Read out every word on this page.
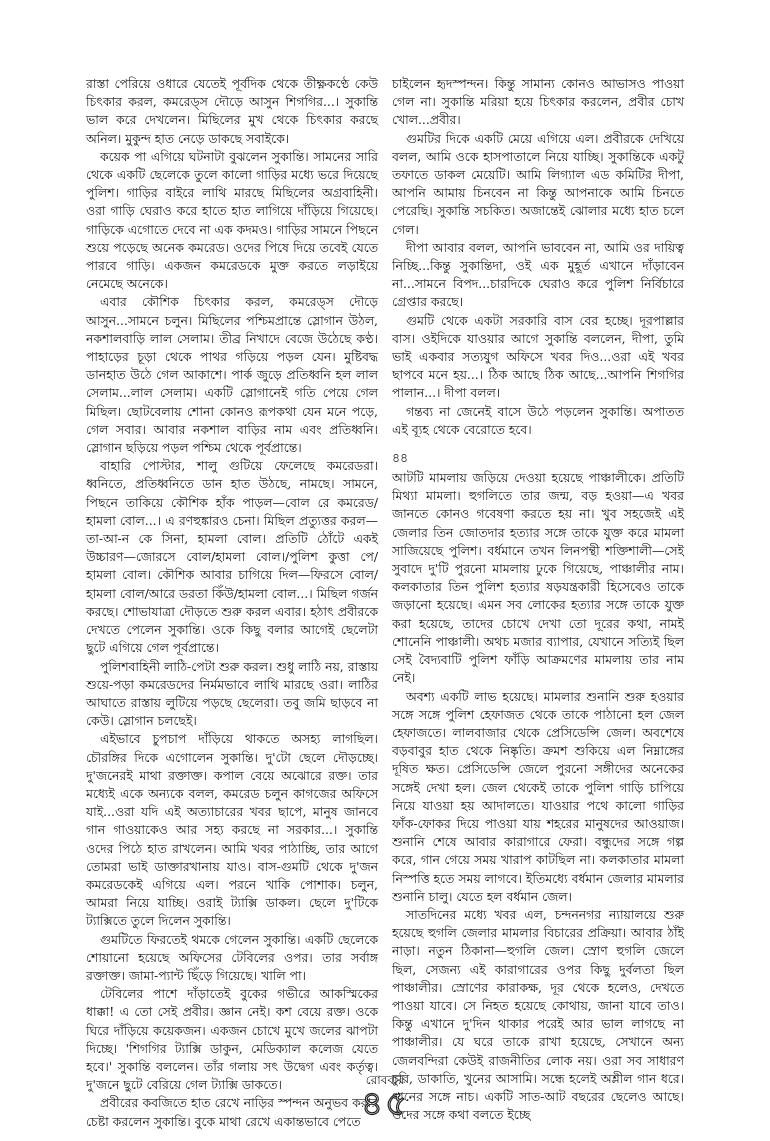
রাস্তা পেরিয়ে ওধারে যেতেই পূর্বদিক থেকে তীক্ষ্ণকণ্ঠে কেউ চিৎকার করল, কমরেড্স দৌড়ে আসুন শিগগির...। সুকান্তি ভাল করে দেখলেন। মিছিলের মুখ থেকে চিৎকার করছে অনিল। মুকুন্দ হাত নেড়ে ডাকছে সবাইকে।

কয়েক পা এগিয়ে ঘটনাটা বুঝলেন সুকান্তি। সামনের সারি থেকে একটি ছেলেকে তুলে কালো গাড়ির মধ্যে ভরে দিয়েছে পুলিশ। গাড়ির বাইরে লাথি মারছে মিছিলের অগ্রবাহিনী। ওরা গাড়ি ঘেরাও করে হাতে হাত লাগিয়ে দাঁড়িয়ে গিয়েছে। গাড়িকে এগোতে দেবে না এক কদমও। গাড়ির সামনে পিছনে শুয়ে পড়েছে অনেক কমরেড। ওদের পিষে দিয়ে তবেই যেতে পারবে গাড়ি। একজন কমরেডকে মুক্ত করতে লড়াইয়ে নেমেছে অনেকে।

এবার কৌশিক চিৎকার করল, কমরেড্স দৌড়ে আসুন...সামনে চলুন। মিছিলের পশ্চিমপ্রান্তে স্লোগান উঠল, নকশালবাড়ি লাল সেলাম। তীব্র নিখাদে বেজে উঠেছে কণ্ঠ। পাহাড়ের চূড়া থেকে পাথর গড়িয়ে পড়ল যেন। মুষ্টিবদ্ধ ডানহাত উঠে গেল আকাশে। পার্ক জুড়ে প্রতিধ্বনি হল লাল সেলাম...লাল সেলাম। একটি স্লোগানেই গতি পেয়ে গেল মিছিল। ছোটবেলায় শোনা কোনও রূপকথা যেন মনে পড়ে, গেল সবার। আবার নকশাল বাড়ির নাম এবং প্রতিধ্বনি। স্লোগান ছড়িয়ে পড়ল পশ্চিম থেকে পূর্বপ্রান্তে।

বাহারি পোস্টার, শালু গুটিয়ে ফেলেছে কমরেডরা। ধ্বনিতে, প্রতিধ্বনিতে ডান হাত উঠছে, নামছে। সামনে, পিছনে তাকিয়ে কৌশিক হাঁক পাড়ল—বোল রে কমরেড/হামলা বোল...। এ রণহুঙ্কারও চেনা। মিছিল প্রত্যুত্তর করল—তা-আ-ন কে সিনা, হামলা বোল। প্রতিটি ঠোঁটে একই উচ্চারণ—জোরসে বোল/হামলা বোল।/পুলিশ কুত্তা পে/হামলা বোল। কৌশিক আবার চাগিয়ে দিল—ফিরসে বোল/হামলা বোল/আরে ডরতা কিঁউ/হামলা বোল...। মিছিল গর্জন করছে। শোভাযাত্রা দৌড়তে শুরু করল এবার। হঠাৎ প্রবীরকে দেখতে পেলেন সুকান্তি। ওকে কিছু বলার আগেই ছেলেটা ছুটে এগিয়ে গেল পূর্বপ্রান্তে।

পুলিশবাহিনী লাঠি-পেটা শুরু করল। শুধু লাঠি নয়, রাস্তায় শুয়ে-পড়া কমরেডদের নির্মমভাবে লাথি মারছে ওরা। লাঠির আঘাতে রাস্তায় লুটিয়ে পড়ছে ছেলেরা। তবু জমি ছাড়বে না কেউ। স্লোগান চলছেই।

এইভাবে চুপচাপ দাঁড়িয়ে থাকতে অসহ্য লাগছিল। চৌরঙ্গির দিকে এগোলেন সুকান্তি। দু'টো ছেলে দৌড়চ্ছে। দু'জনেরই মাথা রক্তাক্ত। কপাল বেয়ে অঝোরে রক্ত। তার মধ্যেই একে অন্যকে বলল, কমরেড চলুন কাগজের অফিসে যাই...ওরা যদি এই অত্যাচারের খবর ছাপে, মানুষ জানবে গান গাওয়াকেও আর সহ্য করছে না সরকার...। সুকান্তি ওদের পিঠে হাত রাখলেন। আমি খবর পাঠাচ্ছি, তার আগে তোমরা ভাই ডাক্তারখানায় যাও। বাস-গুমটি থেকে দু'জন কমরেডকেই এগিয়ে এল। পরনে খাকি পোশাক। চলুন, আমরা নিয়ে যাচ্ছি। ওরাই ট্যাক্সি ডাকল। ছেলে দু'টিকে ট্যাক্সিতে তুলে দিলেন সুকান্তি।

গুমটিতে ফিরতেই থমকে গেলেন সুকান্তি। একটি ছেলেকে শোয়ানো হয়েছে অফিসের টেবিলের ওপর। তার সর্বাঙ্গ রক্তাক্ত। জামা-প্যান্ট ছিঁড়ে গিয়েছে। খালি পা।

টেবিলের পাশে দাঁড়াতেই বুকের গভীরে আকস্মিকের ধাক্কা! এ তো সেই প্রবীর। জ্ঞান নেই। কশ বেয়ে রক্ত। ওকে ঘিরে দাঁড়িয়ে কয়েকজন। একজন চোখে মুখে জলের ঝাপটা দিচ্ছে। 'শিগগির ট্যাক্সি ডাকুন, মেডিক্যাল কলেজ যেতে হবে।' সুকান্তি বললেন। তাঁর গলায় সৎ উদ্বেগ এবং কর্তৃত্ব। দু'জনে ছুটে বেরিয়ে গেল ট্যাক্সি ডাকতে।

প্রবীরের কবজিতে হাত রেখে নাড়ির স্পন্দন অনুভব করার চেষ্টা করলেন সুকান্তি। বুকে মাথা রেখে একান্তভাবে পেতে

চাইলেন হৃদস্পন্দন। কিন্তু সামান্য কোনও আভাসও পাওয়া গেল না। সুকান্তি মরিয়া হয়ে চিৎকার করলেন, প্রবীর চোখ খোল...প্রবীর।

গুমটির দিকে একটি মেয়ে এগিয়ে এল। প্রবীরকে দেখিয়ে বলল, আমি ওকে হাসপাতালে নিয়ে যাচ্ছি। সুকান্তিকে একটু তফাতে ডাকল মেয়েটি। আমি লিগ্যাল এড কমিটির দীপা, আপনি আমায় চিনবেন না কিন্তু আপনাকে আমি চিনতে পেরেছি। সুকান্তি সচকিত। অজান্তেই ঝোলার মধ্যে হাত চলে গেল।

দীপা আবার বলল, আপনি ভাববেন না, আমি ওর দায়িত্ব নিচ্ছি...কিন্তু সুকান্তিদা, ওই এক মুহূর্ত এখানে দাঁড়াবেন না...সামনে বিপদ...চারদিকে ঘেরাও করে পুলিশ নির্বিচারে গ্রেপ্তার করছে।

গুমটি থেকে একটা সরকারি বাস বের হচ্ছে। দূরপাল্লার বাস। ওইদিকে যাওয়ার আগে সুকান্তি বললেন, দীপা, তুমি ভাই একবার সত্যযুগ অফিসে খবর দিও...ওরা এই খবর ছাপবে মনে হয়...। ঠিক আছে ঠিক আছে...আপনি শিগগির পালান...। দীপা বলল।

গন্তব্য না জেনেই বাসে উঠে পড়লেন সুকান্তি। অপাতত এই ব্যূহ থেকে বেরোতে হবে।

৪৪

আটটি মামলায় জড়িয়ে দেওয়া হয়েছে পাঞ্চালীকে। প্রতিটি মিথ্যা মামলা। হুগলিতে তার জন্ম, বড় হওয়া—এ খবর জানতে কোনও গবেষণা করতে হয় না। খুব সহজেই এই জেলার তিন জোতদার হত্যার সঙ্গে তাকে যুক্ত করে মামলা সাজিয়েছে পুলিশ। বর্ধমানে তখন লিনপন্থী শক্তিশালী—সেই সুবাদে দু'টি পুরনো মামলায় ঢুকে গিয়েছে, পাঞ্চালীর নাম। কলকাতার তিন পুলিশ হত্যার ষড়যন্ত্রকারী হিসেবেও তাকে জড়ানো হয়েছে। এমন সব লোকের হত্যার সঙ্গে তাকে যুক্ত করা হয়েছে, তাদের চোখে দেখা তো দূরের কথা, নামই শোনেনি পাঞ্চালী। অথচ মজার ব্যাপার, যেখানে সত্যিই ছিল সেই বৈদ্যবাটি পুলিশ ফাঁড়ি আক্রমণের মামলায় তার নাম নেই।

অবশ্য একটি লাভ হয়েছে। মামলার শুনানি শুরু হওয়ার সঙ্গে সঙ্গে পুলিশ হেফাজত থেকে তাকে পাঠানো হল জেল হেফাজতে। লালবাজার থেকে প্রেসিডেন্সি জেল। অবশেষে বড়বাবুর হাত থেকে নিষ্কৃতি। ক্রমশ শুকিয়ে এল নিম্নাঙ্গের দূষিত ক্ষত। প্রেসিডেন্সি জেলে পুরনো সঙ্গীদের অনেকের সঙ্গেই দেখা হল। জেল থেকেই তাকে পুলিশ গাড়ি চাপিয়ে নিয়ে যাওয়া হয় আদালতে। যাওয়ার পথে কালো গাড়ির ফাঁক-ফোকর দিয়ে পাওয়া যায় শহরের মানুষদের আওয়াজ। শুনানি শেষে আবার কারাগারে ফেরা। বন্ধুদের সঙ্গে গল্প করে, গান গেয়ে সময় খারাপ কাটছিল না। কলকাতার মামলা নিস্পত্তি হতে সময় লাগবে। ইতিমধ্যে বর্ধমান জেলার মামলার শুনানি চালু। যেতে হল বর্ধমান জেল।

সাতদিনের মধ্যে খবর এল, চন্দননগর ন্যায়ালয়ে শুরু হয়েছে হুগলি জেলার মামলার বিচারের প্রক্রিয়া। আবার ঠাঁই নাড়া। নতুন ঠিকানা—হুগলি জেল। স্রোণ হুগলি জেলে ছিল, সেজন্য এই কারাগারের ওপর কিছু দুর্বলতা ছিল পাঞ্চালীর। স্রোণের কারাকক্ষ, দূর থেকে হলেও, দেখতে পাওয়া যাবে। সে নিহত হয়েছে কোথায়, জানা যাবে তাও। কিন্তু এখানে দু'দিন থাকার পরেই আর ভাল লাগছে না পাঞ্চালীর। যে ঘরে তাকে রাখা হয়েছে, সেখানে অন্য জেলবন্দিরা কেউই রাজনীতির লোক নয়। ওরা সব সাধারণ চুরি, ডাকাতি, খুনের আসামি। সন্ধে হলেই অশ্লীল গান ধরে। গানের সঙ্গে নাচ। একটি সাত-আট বছরের ছেলেও আছে। ওদের সঙ্গে কথা বলতে ইচ্ছে

রোববার
৪৫
